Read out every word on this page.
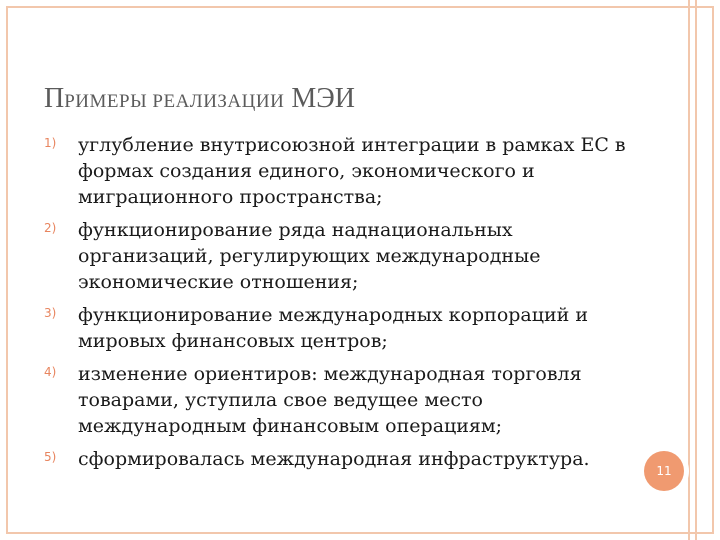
ПРИМЕРЫ РЕАЛИЗАЦИИ МЭИ
1)	углубление внутрисоюзной интеграции в рамках ЕС в формах создания единого, экономического и миграционного пространства;
2)	функционирование ряда наднациональных организаций, регулирующих международные экономические отношения;
3)	функционирование международных корпораций и мировых финансовых центров;
4)	изменение ориентиров: международная торговля товарами, уступила свое ведущее место международным финансовым операциям;
5)	сформировалась международная инфраструктура.
11
